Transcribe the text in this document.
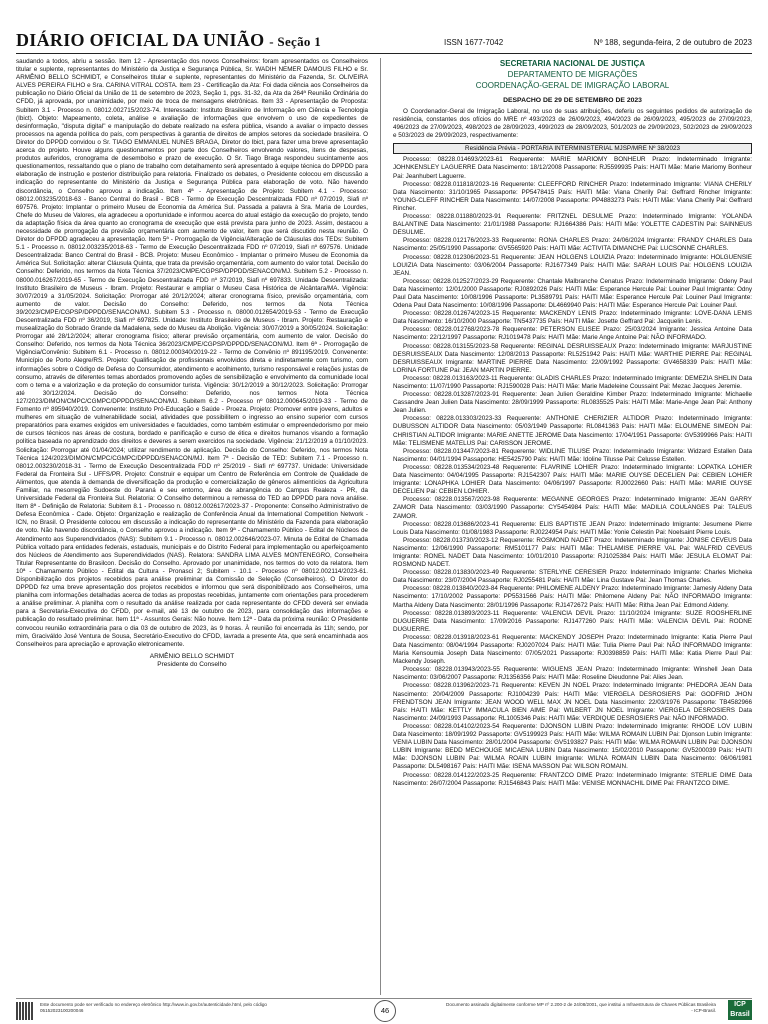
DIÁRIO OFICIAL DA UNIÃO - Seção 1	ISSN 1677-7042	Nº 188, segunda-feira, 2 de outubro de 2023

saudando a todos, abriu a sessão. Item 12 - Apresentação dos novos Conselheiros: foram apresentados os Conselheiros titular e suplente, representantes do Ministério da Justiça e Segurança Pública, Sr. WADIH NEMER DAMOUS FILHO e Sr. ARMÊNIO BELLO SCHMIDT, e Conselheiros titular e suplente, representantes do Ministério da Fazenda, Sr. OLIVEIRA ALVES PEREIRA FILHO e Sra. CARINA VITRAL COSTA. Item 23 - Certificação da Ata: Foi dada ciência aos Conselheiros da publicação no Diário Oficial da União de 11 de setembro de 2023, Seção 1, pgs. 31-32, da Ata da 264ª Reunião Ordinária do CFDD, já aprovada, por unanimidade, por meio de troca de mensagens eletrônicas. Item 33 - Apresentação de Proposta: Subitem 3.1 - Processo n. 08012.002715/2023-74. Interessado: Instituto Brasileiro de Informação em Ciência e Tecnologia (Ibict). Objeto: Mapeamento, coleta, análise e avaliação de informações que envolvem o uso de expedientes de desinformação, "disputa digital" e manipulação do debate realizado na esfera pública, visando a avaliar o impacto desses processos na agenda política do país, com perspectivas à garantia de direitos de amplos setores da sociedade brasileira. O Diretor do DPPDD convidou o Sr. TIAGO EMMANUEL NUNES BRAGA, Diretor do Ibict, para fazer uma breve apresentação acerca do projeto. Houve alguns questionamentos por parte dos Conselheiros envolvendo valores, itens de despesas, produtos auferidos, cronograma de desembolso e prazo de execução. O Sr. Tiago Braga respondeu sucintamente aos questionamentos, ressaltando que o plano de trabalho com detalhamento será apresentado à equipe técnica do DPPDD para elaboração de instrução e posterior distribuição para relatoria. Finalizado os debates, o Presidente colocou em discussão a indicação do representante do Ministério da Justiça e Segurança Pública para elaboração de voto. Não havendo discordância, o Conselho aprovou a indicação. Item 4ª - Apresentação de Projeto: Subitem 4.1 - Processo: 08012.003235/2018-63 - Banco Central do Brasil - BCB - Termo de Execução Descentralizada FDD nº 07/2019, Siafi nº 697576. Projeto: Implantar o primeiro Museu de Economia da América Sul. Passada a palavra à Sra. Maria de Lourdes, Chefe do Museu de Valores, ela agradeceu a oportunidade e informou acerca do atual estágio da execução do projeto, tendo da adaptação física da área quanto ao cronograma de execução que está prevista para junho de 2023. Assim, destacou a necessidade de prorrogação da previsão orçamentária com aumento de valor, item que será discutido nesta reunião. O Diretor do DFPDD agradeceu a apresentação. Item 5ª - Prorrogação de Vigência/Alteração de Cláusulas dos TEDs: Subitem 5.1 - Processo n. 08012.003235/2018-63 - Termo de Execução Descentralizada FDD nº 07/2019, Siafi nº 697576. Unidade Descentralizada: Banco Central do Brasil - BCB. Projeto: Museu Econômico - Implantar o primeiro Museu de Economia da América Sul. Solicitação: alterar Cláusula Quinta, que trata da previsão orçamentária, com aumento do valor total. Decisão do Conselho: Deferido, nos termos da Nota Técnica 37/2023/CMPE/CGPSP/DPPDD/SENACON/MJ. Subitem 5.2 - Processo n. 08000.016267/2019-65 - Termo de Execução Descentralizada FDD nº 37/2019, Siafi nº 697833. Unidade Descentralizada: Instituto Brasileiro de Museus - Ibram. Projeto: Restaurar e ampliar o Museu Casa Histórica de Alcântara/MA. Vigência: 30/07/2019 a 31/05/2024. Solicitação: Prorrogar até 20/12/2024; alterar cronograma físico, previsão orçamentária, com aumento de valor. Decisão do Conselho: Deferido, nos termos da Nota Técnica 39/2023/CMPE/CGPSP/DPPDD/SENACON/MJ. Subitem 5.3 - Processo n. 08000.012654/2019-53 - Termo de Execução Descentralizada FDD nº 36/2019, Siafi nº 697825. Unidade: Instituto Brasileiro de Museus - Ibram. Projeto: Restauração e musealização do Sobrado Grande da Madalena, sede do Museu da Abolição. Vigência: 30/07/2019 a 30/05/2024. Solicitação: Prorrogar até 28/12/2024; alterar cronograma físico; alterar previsão orçamentária, com aumento de valor. Decisão do Conselho: Deferido, nos termos da Nota Técnica 36/2023/CMPE/CGPSP/DPPDD/SENACON/MJ. Item 6ª - Prorrogação de Vigência/Convênio: Subitem 6.1 - Processo n. 08012.000340/2019-22 - Termo de Convênio nº 891195/2019. Convenente: Município de Porto Alegre/RS. Projeto: Qualificação de profissionais envolvidos direta e indiretamente com turismo, com informações sobre o Código de Defesa do Consumidor, atendimento e acolhimento, turismo responsável e relações justas de consumo, através de diferentes temas abordados promovendo ações de sensibilização e envolvimento da comunidade local com o tema e a valorização e da proteção do consumidor turista. Vigência: 30/12/2019 a 30/12/2023. Solicitação: Prorrogar até 30/12/2024. Decisão do Conselho: Deferido, nos termos Nota Técnica 127/2023/DIMON/CMPC/CGMPC/DPPDD/SENACON/MJ. Subitem 6.2 - Processo nº 08012.000645/2019-33 - Termo de Fomento nº 895940/2019. Convenente: Instituto Pró-Educação e Saúde - Proeza. Projeto: Promover entre jovens, adultos e mulheres em situação de vulnerabilidade social, atividades que possibilitem o ingresso ao ensino superior com cursos preparatórios para exames exigidos em universidades e faculdades, como também estimular o empreendedorismo por meio de cursos técnicos nas áreas de costura, bordado e panificação e curso de ética e direitos humanos visando a formação política baseada no aprendizado dos direitos e deveres a serem exercidos na sociedade. Vigência: 21/12/2019 a 01/10/2023. Solicitação: Prorrogar até 01/04/2024; utilizar rendimento de aplicação. Decisão do Conselho: Deferido, nos termos Nota Técnica 124/2023/DIMON/CMPC/CGMPC/DPPDD/SENACON/MJ. Item 7ª - Decisão de TED: Subitem 7.1 - Processo n. 08012.003230/2018-31 - Termo de Execução Descentralizada FDD nº 25/2019 - Siafi nº 697737. Unidade: Universidade Federal da Fronteira Sul - UFFS/PR. Projeto: Construir e equipar um Centro de Referência em Controle de Qualidade de Alimentos, que atenda à demanda de diversificação da produção e comercialização de gêneros alimentícios da Agricultura Familiar, na mesorregião Sudoeste do Paraná e seu entorno, área de abrangência do Campus Realeza - PR, da Universidade Federal da Fronteira Sul. Relatoria: O Conselho determinou a remessa do TED ao DPPDD para nova análise. Item 8ª - Definição de Relatoria: Subitem 8.1 - Processo n. 08012.002617/2023-37 - Proponente: Conselho Administrativo de Defesa Econômica - Cade. Objeto: Organização e realização de Conferência Anual da International Competition Network - ICN, no Brasil. O Presidente colocou em discussão a indicação do representante do Ministério da Fazenda para elaboração de voto. Não havendo discordância, o Conselho aprovou a indicação. Item 9ª - Chamamento Público - Edital de Núcleos de Atendimento aos Superendividados (NAS): Subitem 9.1 - Processo n. 08012.002646/2023-07. Minuta de Edital de Chamada Pública voltado para entidades federais, estaduais, municipais e do Distrito Federal para implementação ou aperfeiçoamento dos Núcleos de Atendimento aos Superendividados (NAS). Relatora: SANDRA LIMA ALVES MONTENEGRO, Conselheira Titular Representante do Brasilcon. Decisão do Conselho. Aprovado por unanimidade, nos termos do voto da relatora. Item 10ª - Chamamento Público - Edital da Cultura - Pronasci 2; Subitem - 10.1 - Processo nº 08012.002114/2023-61. Disponibilização dos projetos recebidos para análise preliminar da Comissão de Seleção (Conselheiros). O Diretor do DPPDD fez uma breve apresentação dos projetos recebidos e informou que será disponibilizado aos Conselheiros, uma planilha com informações detalhadas acerca de todas as propostas recebidas, juntamente com orientações para procederem a análise preliminar. A planilha com o resultado da análise realizada por cada representante do CFDD deverá ser enviada para a Secretaria-Executiva do CFDD, por e-mail, até 13 de outubro de 2023, para consolidação das informações e publicação do resultado preliminar. Item 11ª - Assuntos Gerais: Não houve. Item 12ª - Data da próxima reunião: O Presidente convocou reunião extraordinária para o dia 03 de outubro de 2023, às 9 horas. À reunião foi encerrada às 11h; sendo, por mim, Graciváldo José Ventura de Sousa, Secretário-Executivo do CFDD, lavrada a presente Ata, que será encaminhada aos Conselheiros para apreciação e aprovação eletronicamente.

ARMÊNIO BELLO SCHMIDT
Presidente do Conselho
SECRETARIA NACIONAL DE JUSTIÇA
DEPARTAMENTO DE MIGRAÇÕES
COORDENAÇÃO-GERAL DE IMIGRAÇÃO LABORAL
DESPACHO DE 29 DE SETEMBRO DE 2023

O Coordenador-Geral de Imigração Laboral, no uso de suas atribuições, deferiu os seguintes pedidos de autorização de residência, constantes dos ofícios do MRE nº 493/2023 de 26/09/2023, 494/2023 de 26/09/2023, 495/2023 de 27/09/2023, 496/2023 de 27/09/2023, 498/2023 de 28/09/2023, 499/2023 de 28/09/2023, 501/2023 de 29/09/2023, 502/2023 de 29/09/2023 e 503/2023 de 29/09/2023, respectivamente:

Residência Prévia - PORTARIA INTERMINISTERIAL MJSP/MRE Nº 38/2023

Processo: 08228.014693/2023-61 Requerente: MARIE MARIOMY BONHEUR Prazo: Indeterminado Imigrante: JOHNKENSLEY LAGUERRE Data Nascimento: 18/12/2008 Passaporte: RJ5599935 País: HAITI Mãe: Marie Mariomy Bonheur Pai: Jeanhubert Laguerre.

Processo: 08228.011818/2023-16 Requerente: CLEEFFORD RINCHER Prazo: Indeterminado Imigrante: VIANA CHERILY Data Nascimento: 31/10/1965 Passaporte: PP5478415 País: HAITI Mãe: Viana Cherily Pai: Geffrard Rincher Imigrante: YOUNG-CLEFF RINCHER Data Nascimento: 14/07/2008 Passaporte: PP4883273 País: HAITI Mãe: Viana Cherily Pai: Geffrard Rincher.

Processo: 08228.011880/2023-91 Requerente: FRITZNEL DESULME Prazo: Indeterminado Imigrante: YOLANDA BALANTINE Data Nascimento: 21/01/1988 Passaporte: RJ1664386 País: HAITI Mãe: YOLETTE CADESTIN Pai: SAINNEUS DESULME.

Processo: 08228.012176/2023-33 Requerente: RONA CHARLES Prazo: 24/06/2024 Imigrante: FRANDY CHARLES Data Nascimento: 25/05/1990 Passaporte: GV5565920 País: HAITI Mãe: ACTIVITA DIMANCHE Pai: LUCSONNE CHARLES.

Processo: 08228.012306/2023-51 Requerente: JEAN HOLGENS LOUIZIA Prazo: Indeterminado Imigrante: HOLGUENSIE LOUIZIA Data Nascimento: 03/06/2004 Passaporte: RJ1677349 País: HAITI Mãe: SARAH LOUIS Pai: HOLGENS LOUIZIA JEAN.

Processo: 08228.012527/2023-29 Requerente: Chantale Malbranche Cenatus Prazo: Indeterminado Imigrante: Odeny Paul Data Nascimento: 12/01/2000 Passaporte: RJ0892026 País: HAITI Mãe: Esperance Hercule Pai: Louiner Paul Imigrante: Odny Paul Data Nascimento: 10/08/1996 Passaporte: PL3589791 País: HAITI Mãe: Esperance Hercule Pai: Louiner Paul Imigrante: Odena Paul Data Nascimento: 10/08/1996 Passaporte: DL4669940 País: HAITI Mãe: Esperance Hercule Pai: Louiner Paul.

Processo: 08228.012674/2023-15 Requerente: MACKENDY LENIS Prazo: Indeterminado Imigrante: LOVE-DANA LENIS Data Nascimento: 16/10/2000 Passaporte: TN5437735 País: HAITI Mãe: Josette Geffrard Pai: Jacquelin Lenis.

Processo: 08228.012768/2023-78 Requerente: PETERSON ELISEE Prazo: 25/03/2024 Imigrante: Jessica Antoine Data Nascimento: 22/12/1997 Passaporte: RJ1019478 País: HAITI Mãe: Marie Ange Antoine Pai: NÃO INFORMADO.

Processo: 08228.013155/2023-58 Requerente: REGINAL DESRUISSEAUX Prazo: Indeterminado Imigrante: MARJUSTINE DESRUISSEAUX Data Nascimento: 12/08/2013 Passaporte: RL5251942 País: HAITI Mãe: WARTHIE PIERRE Pai: REGINAL DESRUISSEAUX Imigrante: MARTINE PIERRE Data Nascimento: 22/09/1992 Passaporte: GV4658339 País: HAITI Mãe: LORINA FORTUNE Pai: JEAN MARTIN PIERRE.

Processo: 08228.013163/2023-11 Requerente: GLADIS CHARLES Prazo: Indeterminado Imigrante: DEMEZIA SHELIN Data Nascimento: 11/07/1990 Passaporte: RJ1590028 País: HAITI Mãe: Marie Madeleine Coussaint Pai: Mezac Jacques Jeremie.

Processo: 08228.013287/2023-91 Requerente: Jean Julien Geraldine Kimber Prazo: Indeterminado Imigrante: Michaelle Cassandre Jean Julien Data Nascimento: 28/09/1999 Passaporte: RL0835525 País: HAITI Mãe: Marie-Ange Jean Pai: Anthony Jean Julien.

Processo: 08228.013303/2023-33 Requerente: ANTHONIE CHERIZIER ALTIDOR Prazo: Indeterminado Imigrante: DUBUSSON ALTIDOR Data Nascimento: 05/03/1949 Passaporte: RL0841363 País: HAITI Mãe: ELOUMENE SIMEON Pai: CHRISTIAN ALTIDOR Imigrante: MARIE ANETTE JEROME Data Nascimento: 17/04/1951 Passaporte: GV5399966 País: HAITI Mãe: TELISMENE MATELUS Pai: CARISSON JEROME.

Processo: 08228.013447/2023-81 Requerente: WIDLINE TILUSE Prazo: Indeterminado Imigrante: Widzard Estallen Data Nascimento: 04/01/1994 Passaporte: HE5425790 País: HAITI Mãe: Idoline Tilusse Pai: Celusse Estellen.

Processo: 08228.013534/2023-48 Requerente: FLAVRINE LOHIER Prazo: Indeterminado Imigrante: LOPATKA LOHIER Data Nascimento: 04/04/1995 Passaporte: RJ1542307 País: HAITI Mãe: MARIE OUYSE DECELIEN Pai: CEBIEN LOHIER Imigrante: LONAPHKA LOHIER Data Nascimento: 04/06/1997 Passaporte: RJ0022660 País: HAITI Mãe: MARIE OUYSE DECELIEN Pai: CEBIEN LOHIER.

Processo: 08228.013567/2023-98 Requerente: MEGANNE GEORGES Prazo: Indeterminado Imigrante: JEAN GARRY ZAMOR Data Nascimento: 03/03/1990 Passaporte: CY5454984 País: HAITI Mãe: MADILIA COULANGES Pai: TALEUS ZAMOR.

Processo: 08228.013686/2023-41 Requerente: ELIS BAPTISTE JEAN Prazo: Indeterminado Imigrante: Jesumene Pierre Louis Data Nascimento: 01/08/1983 Passaporte: RJ0224954 País: HAITI Mãe: Yonie Celestin Pai: Noelsaint Pierre Louis.

Processo: 08228.013730/2023-12 Requerente: ROSMOND NADET Prazo: Indeterminado Imigrante: JONISE CEVEUS Data Nascimento: 12/06/1990 Passaporte: RM5101177 País: HAITI Mãe: THELAMISE PIERRE VAL Pai: WALFRID CEVEUS Imigrante: RONEL NADET Data Nascimento: 10/01/2010 Passaporte: RJ1025384 País: HAITI Mãe: JESULA ELOMAT Pai: ROSMOND NADET.

Processo: 08228.013830/2023-49 Requerente: STERLYNE CERESIER Prazo: Indeterminado Imigrante: Charles Micheka Data Nascimento: 23/07/2004 Passaporte: RJ0255481 País: HAITI Mãe: Lina Gustave Pai: Jean Thomas Charles.

Processo: 08228.013840/2023-84 Requerente: PHILOMENE ALDENY Prazo: Indeterminado Imigrante: Jamesly Aldeny Data Nascimento: 17/10/2002 Passaporte: PP5531566 País: HAITI Mãe: Philomene Aldeny Pai: NÃO INFORMADO Imigrante: Martha Aldeny Data Nascimento: 28/01/1996 Passaporte: RJ1472672 País: HAITI Mãe: Ritha Jean Pai: Edmond Aldeny.

Processo: 08228.013893/2023-11 Requerente: VALENCIA DEVIL Prazo: 11/10/2024 Imigrante: SUZE ROOSHERLINE DUGUERRE Data Nascimento: 17/09/2016 Passaporte: RJ1477260 País: HAITI Mãe: VALENCIA DEVIL Pai: RODNE DUGUERRE.

Processo: 08228.013918/2023-61 Requerente: MACKENDY JOSEPH Prazo: Indeterminado Imigrante: Katia Pierre Paul Data Nascimento: 08/04/1994 Passaporte: RJ0207024 País: HAITI Mãe: Tulia Pierre Paul Pai: NÃO INFORMADO Imigrante: Maria Kensoumia Joseph Data Nascimento: 07/05/2021 Passaporte: RJ0398859 País: HAITI Mãe: Katia Pierre Paul Pai: Mackendy Joseph.

Processo: 08228.013943/2023-55 Requerente: WIGUENS JEAN Prazo: Indeterminado Imigrante: Winshell Jean Data Nascimento: 03/06/2007 Passaporte: RJ1356356 País: HAITI Mãe: Roseline Dieudonne Pai: Alies Jean.

Processo: 08228.013962/2023-71 Requerente: KEVEN JN NOEL Prazo: Indeterminado Imigrante: PHEDORA JEAN Data Nascimento: 20/04/2009 Passaporte: RJ1004239 País: HAITI Mãe: VIERGELA DESROSIERS Pai: GODFRID JHON FRENDTSON JEAN Imigrante: JEAN WOOD WELL MAX JN NOEL Data Nascimento: 22/03/1976 Passaporte: TB4582966 País: HAITI Mãe: KETTLY IMMACULA BIEN AIME Pai: WILBERT JN NOEL Imigrante: VIERGELA DESROSIERS Data Nascimento: 24/09/1993 Passaporte: RL1005346 País: HAITI Mãe: VERDIQUE DESROSIERS Pai: NÃO INFORMADO.

Processo: 08228.014102/2023-54 Requerente: DJONSON LUBIN Prazo: Indeterminado Imigrante: RHODE LOV LUBIN Data Nascimento: 18/09/1992 Passaporte: GV5199923 País: HAITI Mãe: WILMA ROMAIN LUBIN Pai: Djonson Lubin Imigrante: VENIA LUBIN Data Nascimento: 28/01/2004 Passaporte: GV5193827 País: HAITI Mãe: WILMA ROMAIN LUBIN Pai: DJONSON LUBIN Imigrante: BEDD MECHOUGE MICAENA LUBIN Data Nascimento: 15/02/2010 Passaporte: GV5200039 País: HAITI Mãe: DJONSON LUBIN Pai: WILMA ROAIN LUBIN Imigrante: WILNA ROMAIN LUBIN Data Nascimento: 06/06/1981 Passaporte: DL5498167 País: HAITI Mãe: ISENA MASSON Pai: WILSON ROMAIN.

Processo: 08228.014122/2023-25 Requerente: FRANTZCO DIME Prazo: Indeterminado Imigrante: STERLIE DIME Data Nascimento: 26/07/2004 Passaporte: RJ1546843 País: HAITI Mãe: VENISE MONNACHIL DIME Pai: FRANTZCO DIME.

Este documento pode ser verificado no endereço eletrônico http://www.in.gov.br/autenticidade.html, pelo código 05152023100200046	46
Documento assinado digitalmente conforme MP nº 2.200-2 de 24/08/2001, que institui a Infraestrutura de Chaves Públicas Brasileira - ICP-Brasil.
ICP Brasil
